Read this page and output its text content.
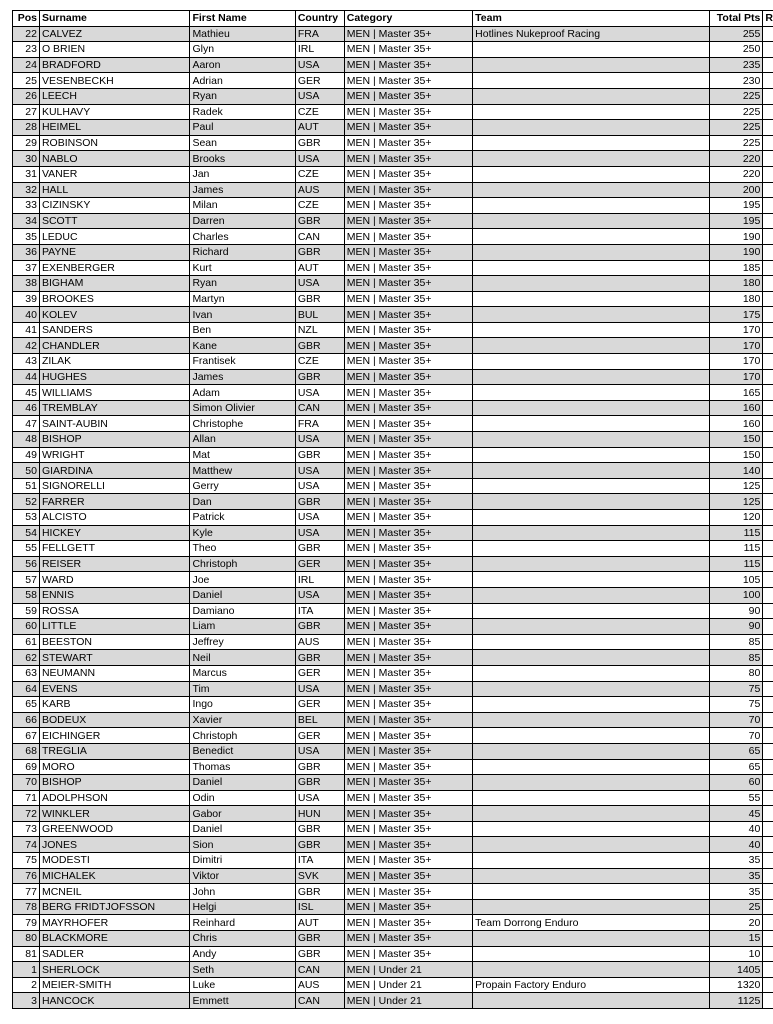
Pos	Surname	First Name	Country	Category	Team	Total Pts	R
22	CALVEZ	Mathieu	FRA	MEN | Master 35+	Hotlines Nukeproof Racing	255	
23	O BRIEN	Glyn	IRL	MEN | Master 35+		250	
24	BRADFORD	Aaron	USA	MEN | Master 35+		235	
25	VESENBECKH	Adrian	GER	MEN | Master 35+		230	
26	LEECH	Ryan	USA	MEN | Master 35+		225	
27	KULHAVY	Radek	CZE	MEN | Master 35+		225	
28	HEIMEL	Paul	AUT	MEN | Master 35+		225	
29	ROBINSON	Sean	GBR	MEN | Master 35+		225	
30	NABLO	Brooks	USA	MEN | Master 35+		220	
31	VANER	Jan	CZE	MEN | Master 35+		220	
32	HALL	James	AUS	MEN | Master 35+		200	
33	CIZINSKY	Milan	CZE	MEN | Master 35+		195	
34	SCOTT	Darren	GBR	MEN | Master 35+		195	
35	LEDUC	Charles	CAN	MEN | Master 35+		190	
36	PAYNE	Richard	GBR	MEN | Master 35+		190	
37	EXENBERGER	Kurt	AUT	MEN | Master 35+		185	
38	BIGHAM	Ryan	USA	MEN | Master 35+		180	
39	BROOKES	Martyn	GBR	MEN | Master 35+		180	
40	KOLEV	Ivan	BUL	MEN | Master 35+		175	
41	SANDERS	Ben	NZL	MEN | Master 35+		170	
42	CHANDLER	Kane	GBR	MEN | Master 35+		170	
43	ZILAK	Frantisek	CZE	MEN | Master 35+		170	
44	HUGHES	James	GBR	MEN | Master 35+		170	
45	WILLIAMS	Adam	USA	MEN | Master 35+		165	
46	TREMBLAY	Simon Olivier	CAN	MEN | Master 35+		160	
47	SAINT-AUBIN	Christophe	FRA	MEN | Master 35+		160	
48	BISHOP	Allan	USA	MEN | Master 35+		150	
49	WRIGHT	Mat	GBR	MEN | Master 35+		150	
50	GIARDINA	Matthew	USA	MEN | Master 35+		140	
51	SIGNORELLI	Gerry	USA	MEN | Master 35+		125	
52	FARRER	Dan	GBR	MEN | Master 35+		125	
53	ALCISTO	Patrick	USA	MEN | Master 35+		120	
54	HICKEY	Kyle	USA	MEN | Master 35+		115	
55	FELLGETT	Theo	GBR	MEN | Master 35+		115	
56	REISER	Christoph	GER	MEN | Master 35+		115	
57	WARD	Joe	IRL	MEN | Master 35+		105	
58	ENNIS	Daniel	USA	MEN | Master 35+		100	
59	ROSSA	Damiano	ITA	MEN | Master 35+		90	
60	LITTLE	Liam	GBR	MEN | Master 35+		90	
61	BEESTON	Jeffrey	AUS	MEN | Master 35+		85	
62	STEWART	Neil	GBR	MEN | Master 35+		85	
63	NEUMANN	Marcus	GER	MEN | Master 35+		80	
64	EVENS	Tim	USA	MEN | Master 35+		75	
65	KARB	Ingo	GER	MEN | Master 35+		75	
66	BODEUX	Xavier	BEL	MEN | Master 35+		70	
67	EICHINGER	Christoph	GER	MEN | Master 35+		70	
68	TREGLIA	Benedict	USA	MEN | Master 35+		65	
69	MORO	Thomas	GBR	MEN | Master 35+		65	
70	BISHOP	Daniel	GBR	MEN | Master 35+		60	
71	ADOLPHSON	Odin	USA	MEN | Master 35+		55	
72	WINKLER	Gabor	HUN	MEN | Master 35+		45	
73	GREENWOOD	Daniel	GBR	MEN | Master 35+		40	
74	JONES	Sion	GBR	MEN | Master 35+		40	
75	MODESTI	Dimitri	ITA	MEN | Master 35+		35	
76	MICHALEK	Viktor	SVK	MEN | Master 35+		35	
77	MCNEIL	John	GBR	MEN | Master 35+		35	
78	BERG FRIDTJOFSSON	Helgi	ISL	MEN | Master 35+		25	
79	MAYRHOFER	Reinhard	AUT	MEN | Master 35+	Team Dorrong Enduro	20	
80	BLACKMORE	Chris	GBR	MEN | Master 35+		15	
81	SADLER	Andy	GBR	MEN | Master 35+		10	
1	SHERLOCK	Seth	CAN	MEN | Under 21		1405	
2	MEIER-SMITH	Luke	AUS	MEN | Under 21	Propain Factory Enduro	1320	
3	HANCOCK	Emmett	CAN	MEN | Under 21		1125	
